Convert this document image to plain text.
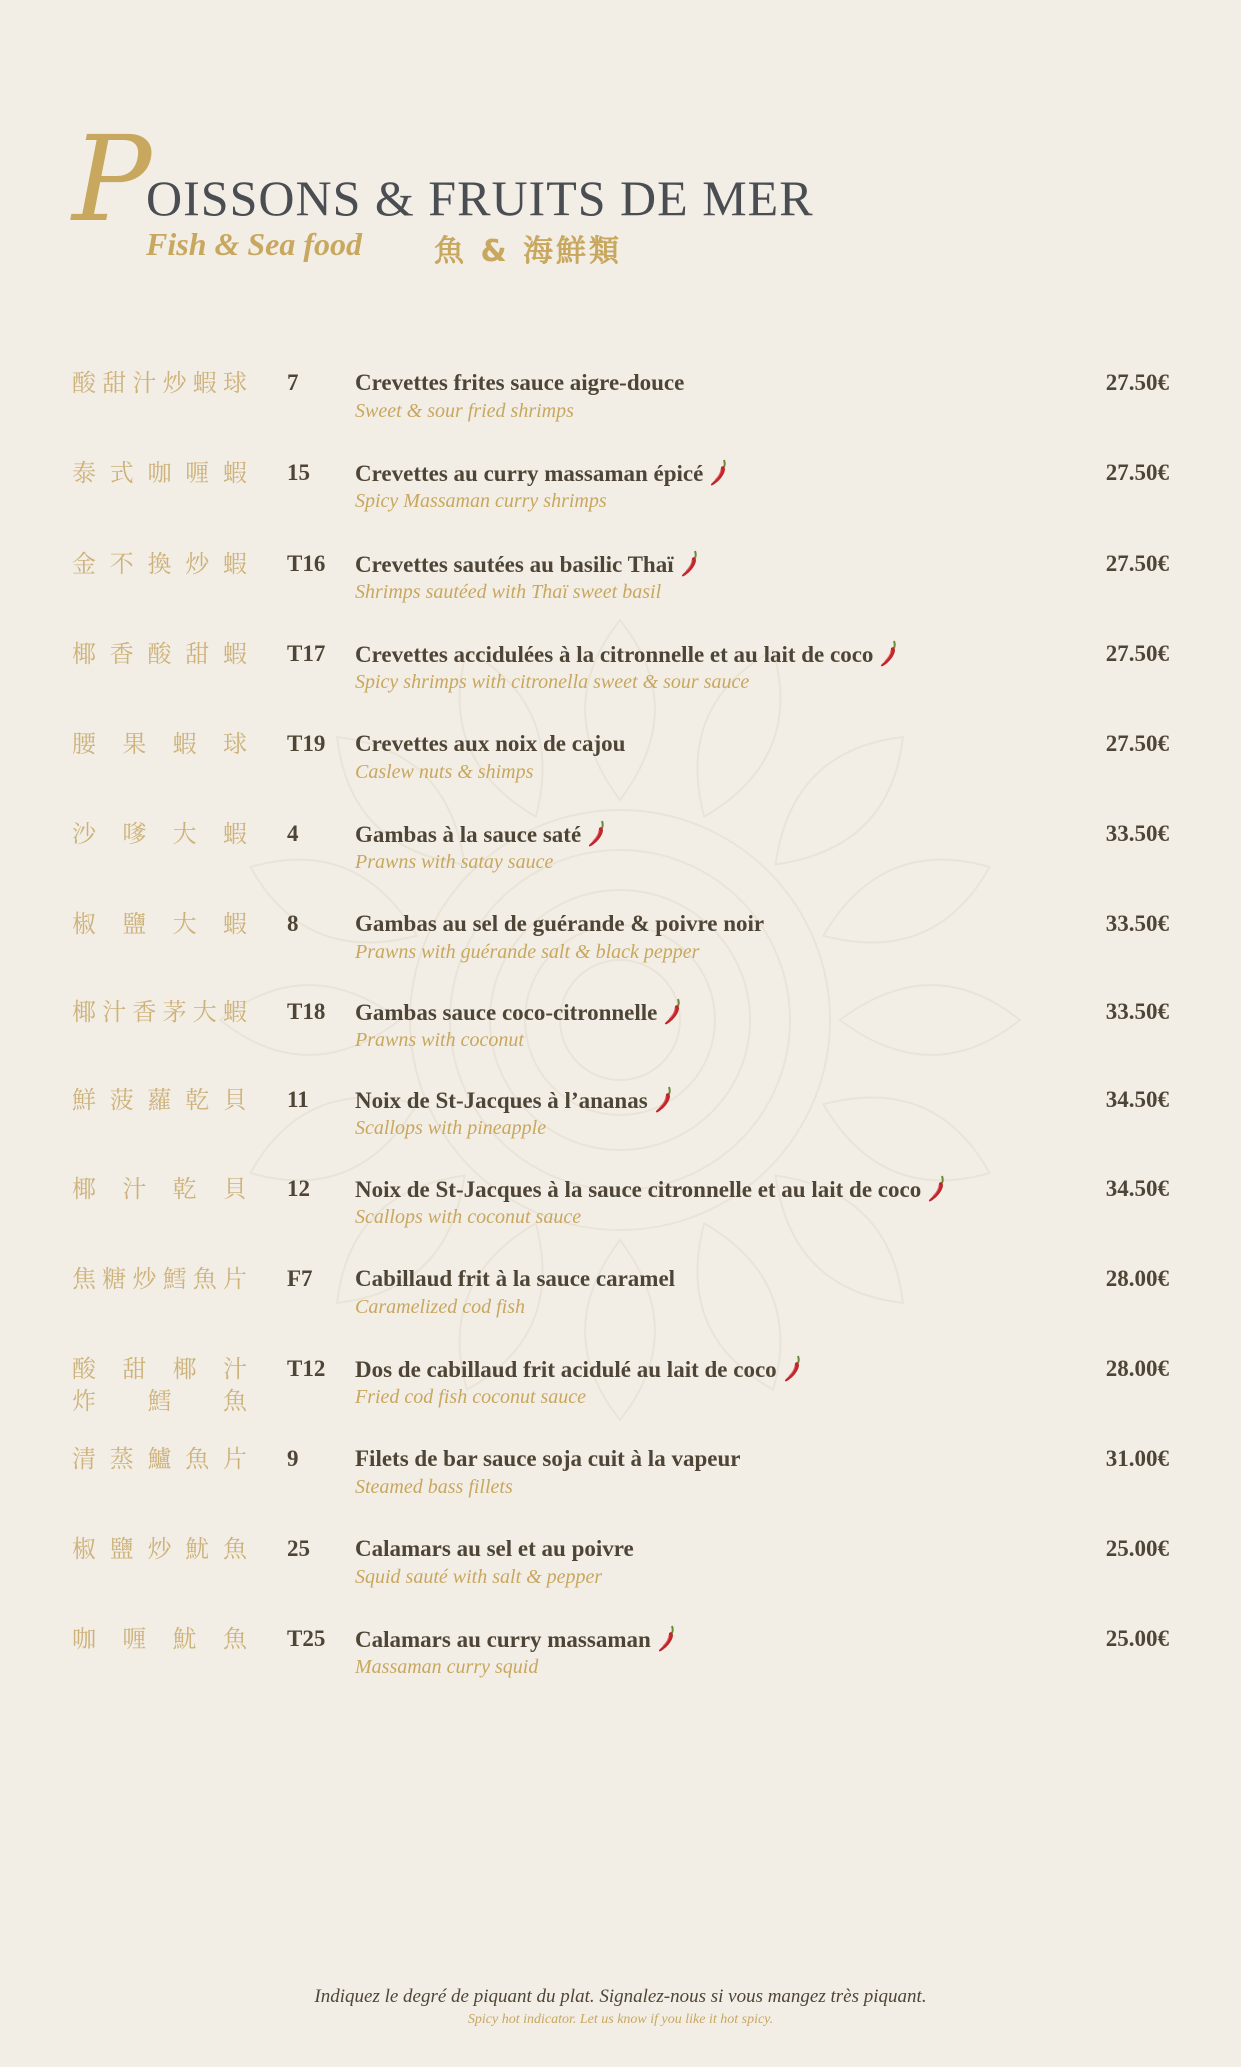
P
OISSONS & FRUITS DE MER
Fish & Sea food 魚 & 海鮮類
酸甜汁炒蝦球 7 Crevettes frites sauce aigre-douce
Sweet & sour fried shrimps
27.50€
泰式咖喱蝦 15 Crevettes au curry massaman épicé
Spicy Massaman curry shrimps
27.50€
金不換炒蝦 T16 Crevettes sautées au basilic Thaï
Shrimps sautéed with Thaï sweet basil
27.50€
椰香酸甜蝦 T17 Crevettes accidulées à la citronnelle et au lait de coco
Spicy shrimps with citronella sweet & sour sauce
27.50€
腰果蝦球 T19 Crevettes aux noix de cajou
Caslew nuts & shimps
27.50€
沙嗲大蝦 4 Gambas à la sauce saté
Prawns with satay sauce
33.50€
椒鹽大蝦 8 Gambas au sel de guérande & poivre noir
Prawns with guérande salt & black pepper
33.50€
椰汁香茅大蝦 T18 Gambas sauce coco-citronnelle
Prawns with coconut
33.50€
鮮菠蘿乾貝 11 Noix de St-Jacques à l’ananas
Scallops with pineapple
34.50€
椰汁乾貝 12 Noix de St-Jacques à la sauce citronnelle et au lait de coco
Scallops with coconut sauce
34.50€
焦糖炒鱈魚片 F7 Cabillaud frit à la sauce caramel
Caramelized cod fish
28.00€
酸甜椰汁
炸鱈魚
T12 Dos de cabillaud frit acidulé au lait de coco
Fried cod fish coconut sauce
28.00€
清蒸鱸魚片 9 Filets de bar sauce soja cuit à la vapeur
Steamed bass fillets
31.00€
椒鹽炒魷魚 25 Calamars au sel et au poivre
Squid sauté with salt & pepper
25.00€
咖喱魷魚 T25 Calamars au curry massaman
Massaman curry squid
25.00€
Indiquez le degré de piquant du plat. Signalez-nous si vous mangez très piquant.
Spicy hot indicator. Let us know if you like it hot spicy.
